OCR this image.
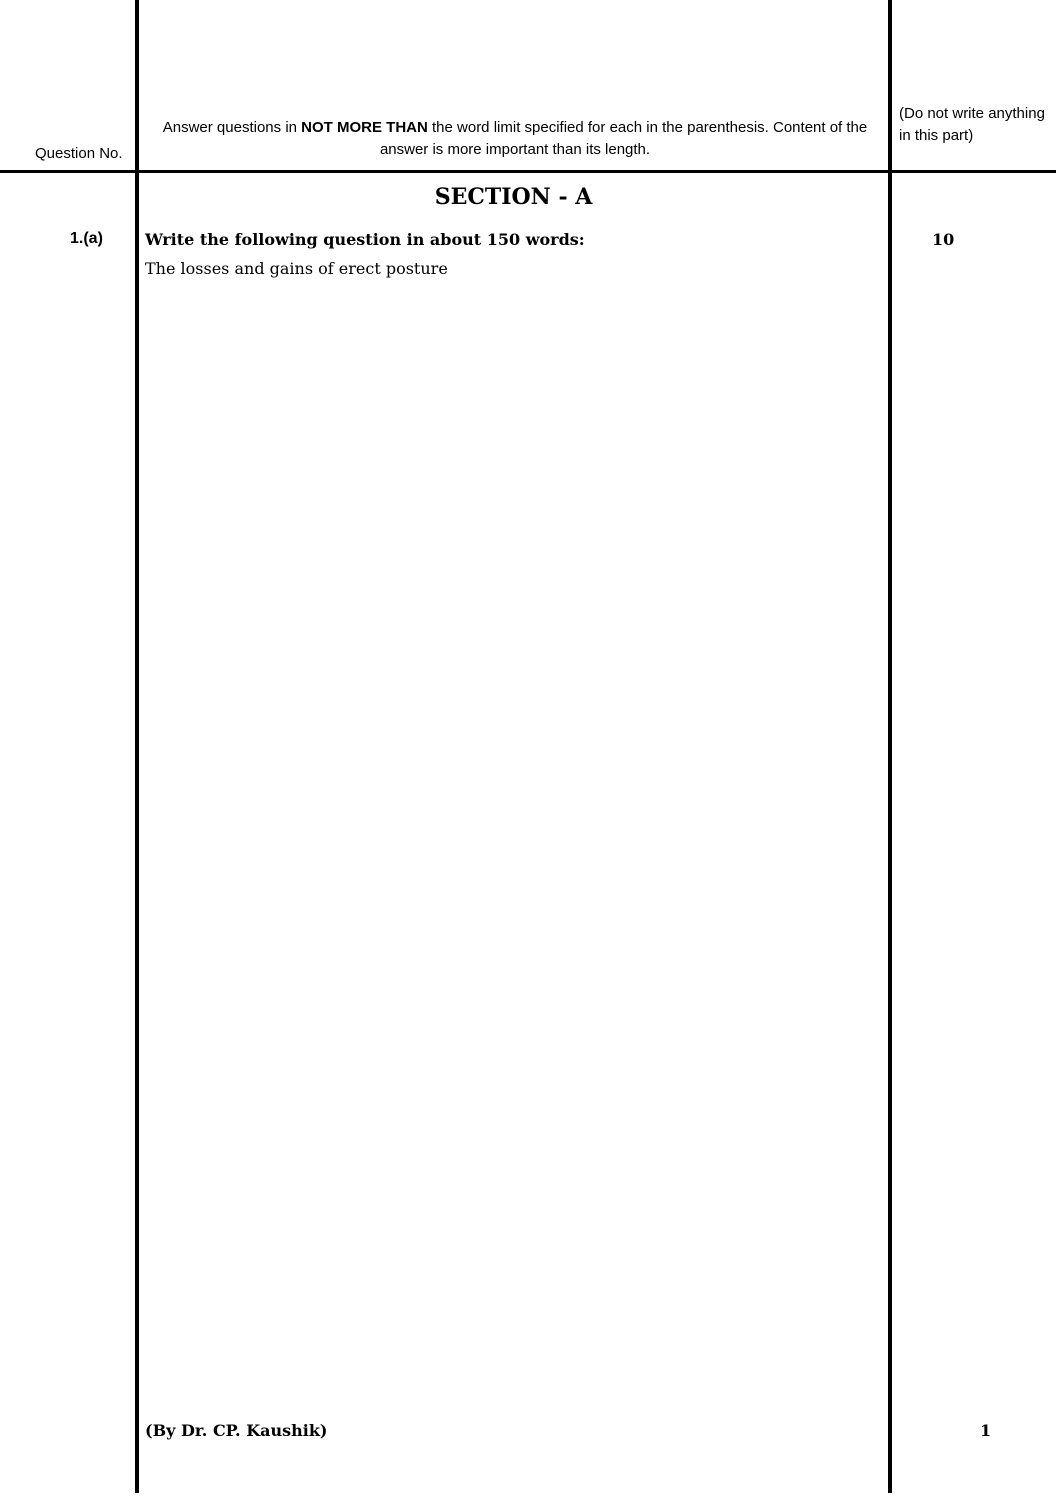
Question No.
Answer questions in NOT MORE THAN the word limit specified for each in the parenthesis. Content of the answer is more important than its length.
(Do not write anything in this part)
SECTION - A
1.(a)	Write the following question in about 150 words:
The losses and gains of erect posture
10
(By Dr. CP. Kaushik)	1
